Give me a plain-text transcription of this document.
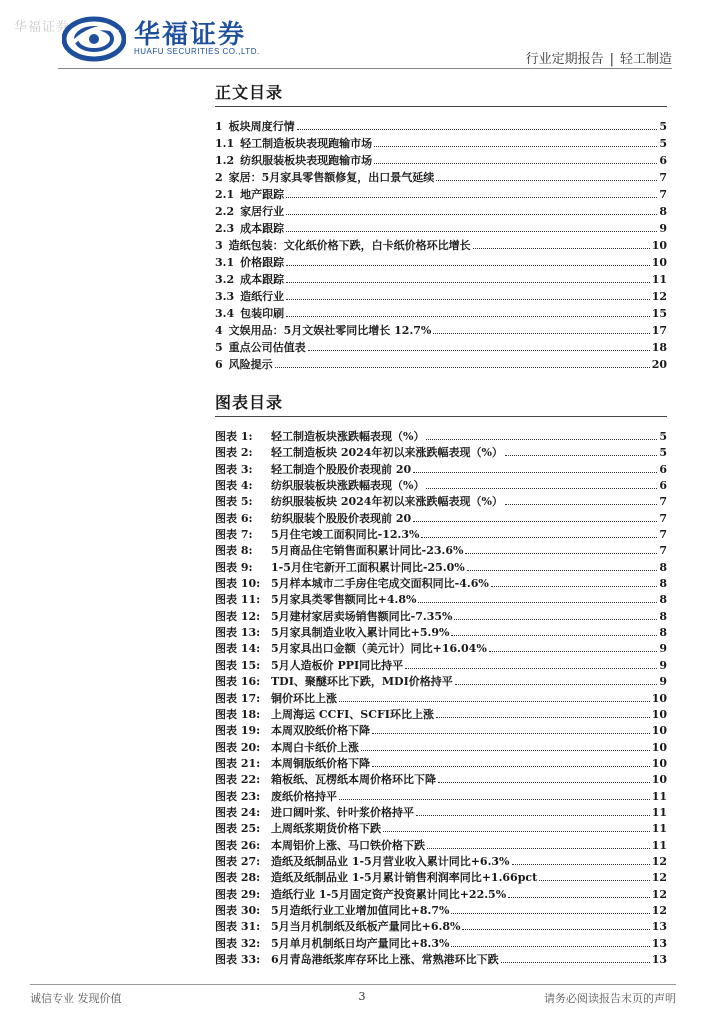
华福证券 华福证券
HUAFU SECURITIES CO.,LTD.
行业定期报告 | 轻工制造
正文目录
1 板块周度行情	5
1.1 轻工制造板块表现跑输市场	5
1.2 纺织服装板块表现跑输市场	6
2 家居：5月家具零售额修复，出口景气延续	7
2.1 地产跟踪	7
2.2 家居行业	8
2.3 成本跟踪	9
3 造纸包装：文化纸价格下跌，白卡纸价格环比增长	10
3.1 价格跟踪	10
3.2 成本跟踪	11
3.3 造纸行业	12
3.4 包装印刷	15
4 文娱用品：5月文娱社零同比增长 12.7%	17
5 重点公司估值表	18
6 风险提示	20
图表目录
图表 1:	轻工制造板块涨跌幅表现（%）	5
图表 2:	轻工制造板块 2024年初以来涨跌幅表现（%）	5
图表 3:	轻工制造个股股价表现前 20	6
图表 4:	纺织服装板块涨跌幅表现（%）	6
图表 5:	纺织服装板块 2024年初以来涨跌幅表现（%）	7
图表 6:	纺织服装个股股价表现前 20	7
图表 7:	5月住宅竣工面积同比-12.3%	7
图表 8:	5月商品住宅销售面积累计同比-23.6%	7
图表 9:	1-5月住宅新开工面积累计同比-25.0%	8
图表 10: 5月样本城市二手房住宅成交面积同比-4.6%	8
图表 11: 5月家具类零售额同比+4.8%	8
图表 12: 5月建材家居卖场销售额同比-7.35%	8
图表 13: 5月家具制造业收入累计同比+5.9%	8
图表 14: 5月家具出口金额（美元计）同比+16.04%	9
图表 15: 5月人造板价 PPI同比持平	9
图表 16: TDI、聚醚环比下跌，MDI价格持平	9
图表 17: 铜价环比上涨	10
图表 18: 上周海运 CCFI、SCFI环比上涨	10
图表 19: 本周双胶纸价格下降	10
图表 20: 本周白卡纸价上涨	10
图表 21: 本周铜版纸价格下降	10
图表 22: 箱板纸、瓦楞纸本周价格环比下降	10
图表 23: 废纸价格持平	11
图表 24: 进口阔叶浆、针叶浆价格持平	11
图表 25: 上周纸浆期货价格下跌	11
图表 26: 本周铝价上涨、马口铁价格下跌	11
图表 27: 造纸及纸制品业 1-5月营业收入累计同比+6.3%	12
图表 28: 造纸及纸制品业 1-5月累计销售利润率同比+1.66pct	12
图表 29: 造纸行业 1-5月固定资产投资累计同比+22.5%	12
图表 30: 5月造纸行业工业增加值同比+8.7%	12
图表 31: 5月当月机制纸及纸板产量同比+6.8%	13
图表 32: 5月单月机制纸日均产量同比+8.3%	13
图表 33: 6月青岛港纸浆库存环比上涨、常熟港环比下跌	13
诚信专业 发现价值	3	请务必阅读报告末页的声明
